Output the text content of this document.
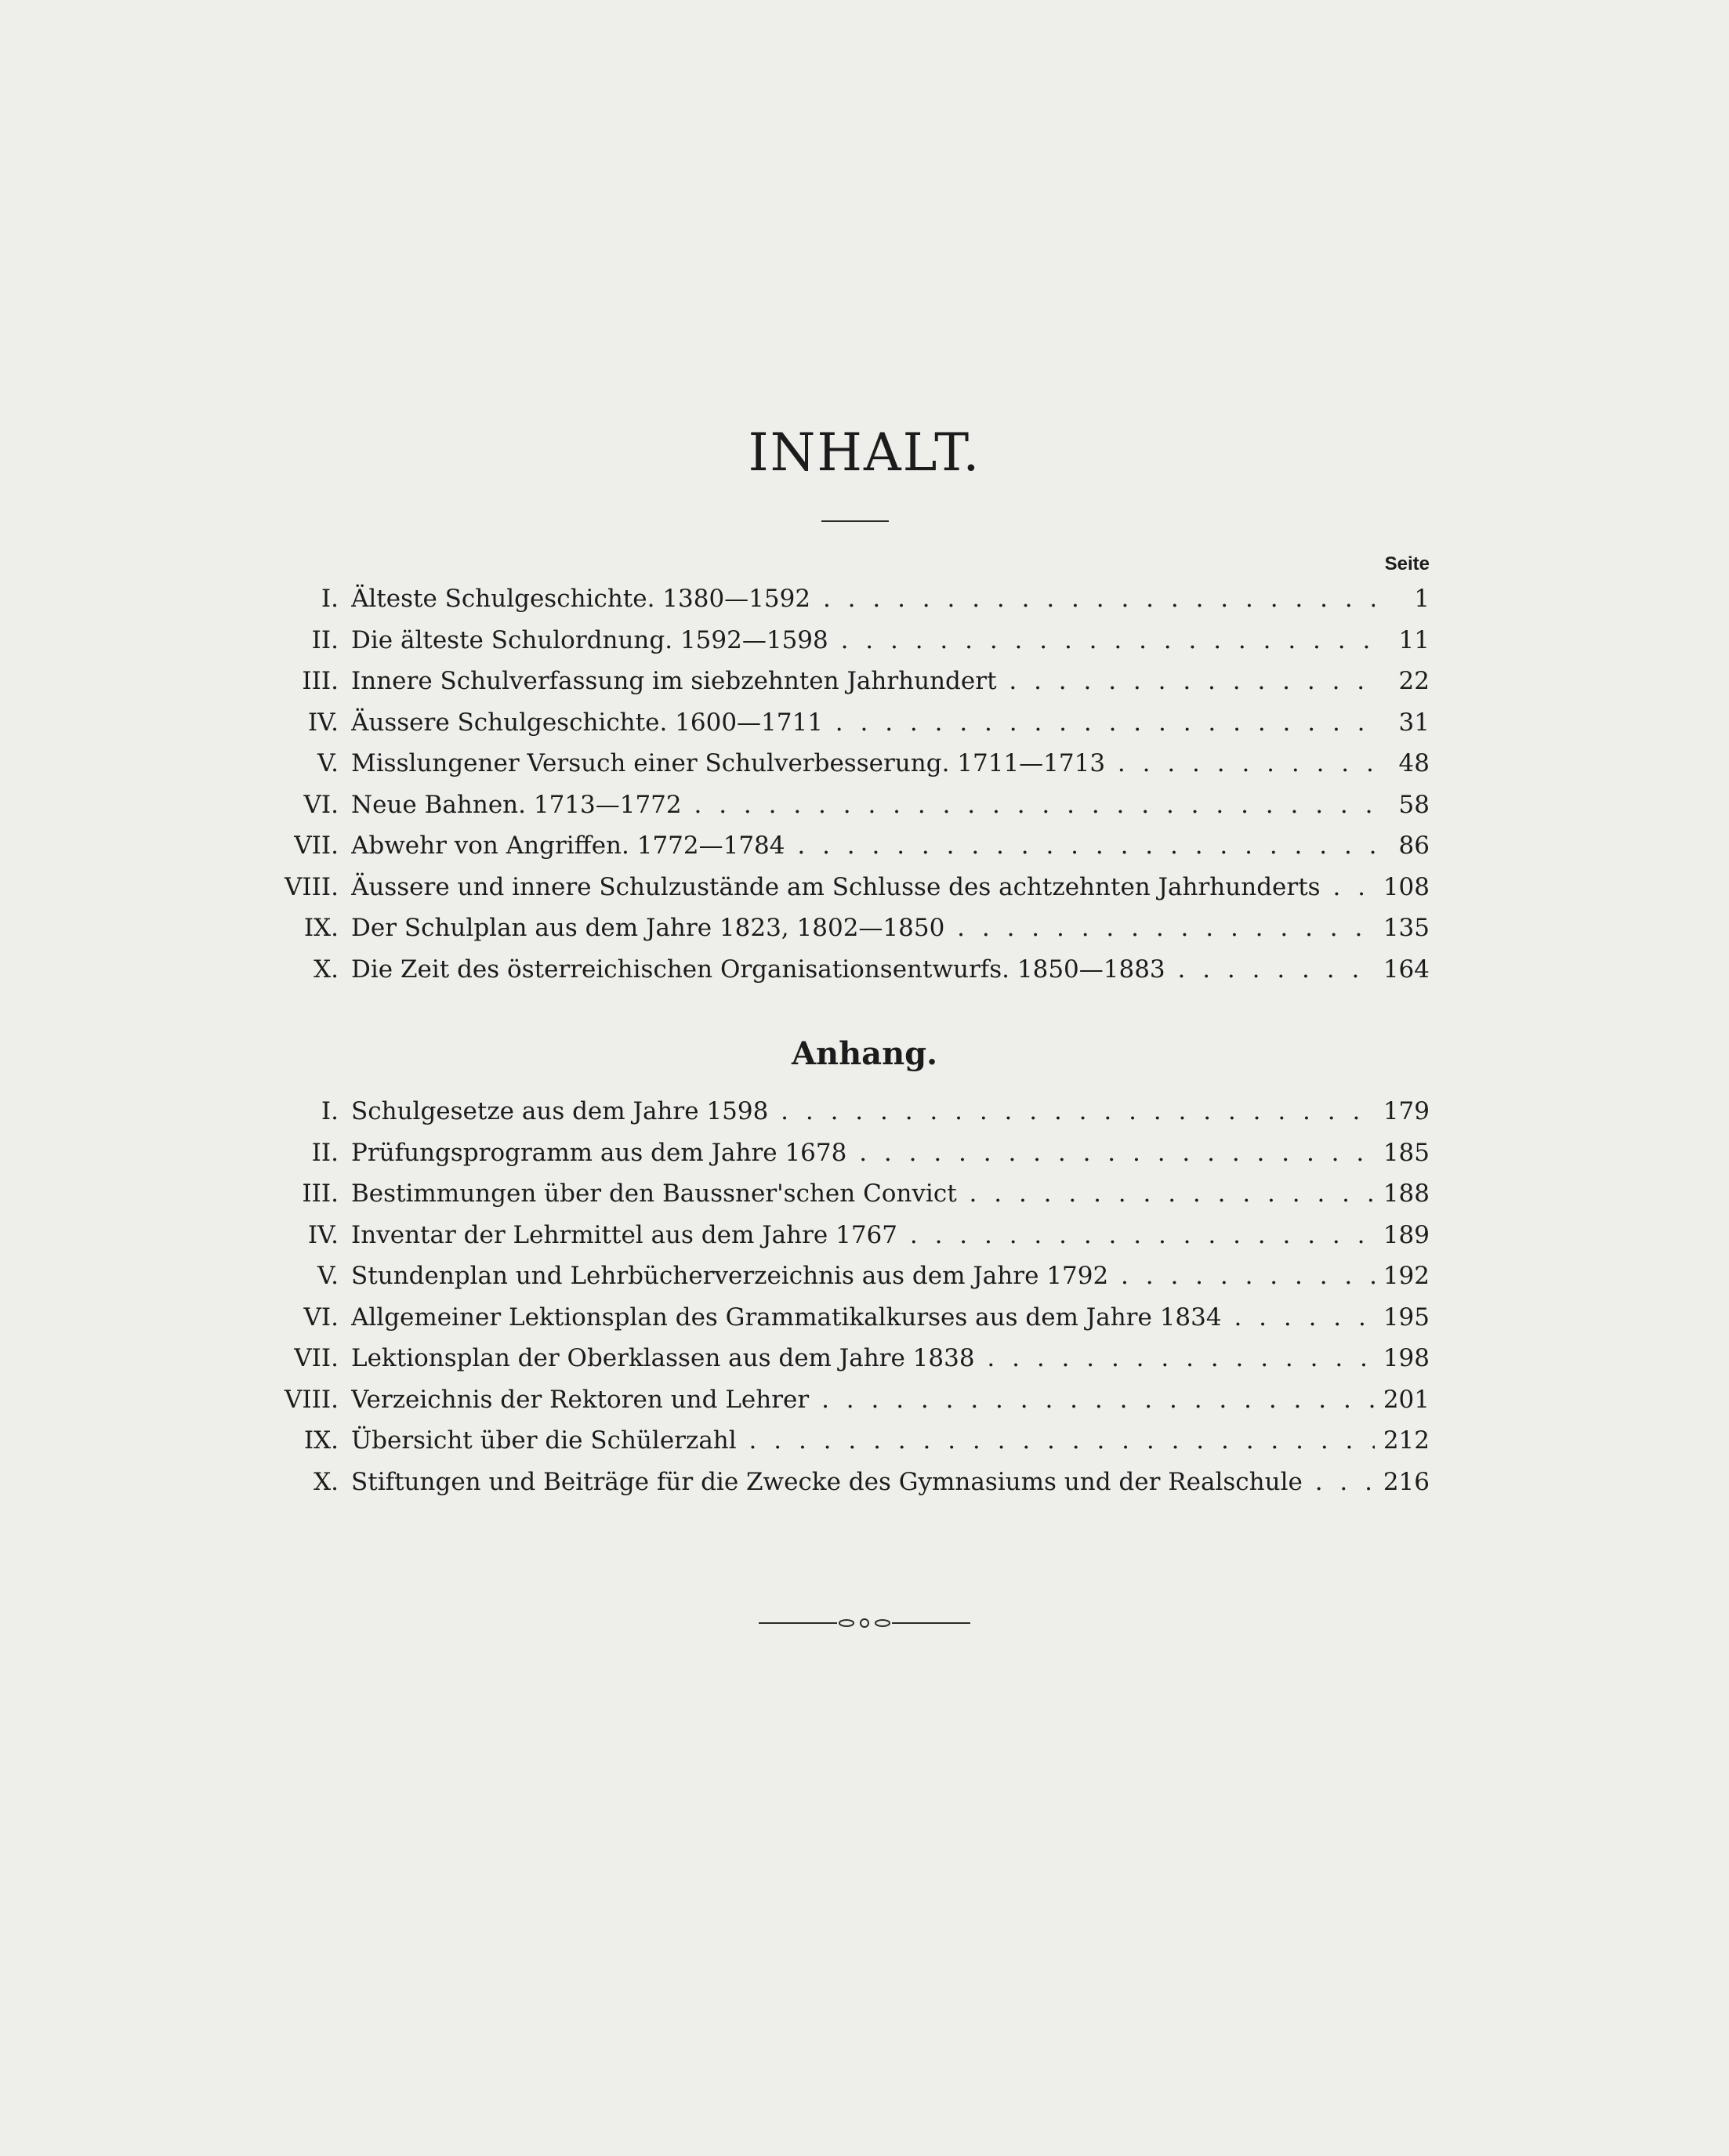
INHALT.
Seite
I. Älteste Schulgeschichte. 1380—1592 . . .	1
II. Die älteste Schulordnung. 1592—1598 . . .	11
III. Innere Schulverfassung im siebzehnten Jahrhundert . . .	22
IV. Äussere Schulgeschichte. 1600—1711 . . .	31
V. Misslungener Versuch einer Schulverbesserung. 1711—1713 . . .	48
VI. Neue Bahnen. 1713—1772 . . .	58
VII. Abwehr von Angriffen. 1772—1784 . . .	86
VIII. Äussere und innere Schulzustände am Schlusse des achtzehnten Jahrhunderts . . .	108
IX. Der Schulplan aus dem Jahre 1823, 1802—1850 . . .	135
X. Die Zeit des österreichischen Organisationsentwurfs. 1850—1883 . . .	164
Anhang.
I. Schulgesetze aus dem Jahre 1598 . . .	179
II. Prüfungsprogramm aus dem Jahre 1678 . . .	185
III. Bestimmungen über den Baussner'schen Convict . . .	188
IV. Inventar der Lehrmittel aus dem Jahre 1767 . . .	189
V. Stundenplan und Lehrbücherverzeichnis aus dem Jahre 1792 . . .	192
VI. Allgemeiner Lektionsplan des Grammatikalkurses aus dem Jahre 1834 . . .	195
VII. Lektionsplan der Oberklassen aus dem Jahre 1838 . . .	198
VIII. Verzeichnis der Rektoren und Lehrer . . .	201
IX. Übersicht über die Schülerzahl . . .	212
X. Stiftungen und Beiträge für die Zwecke des Gymnasiums und der Realschule . . .	216
